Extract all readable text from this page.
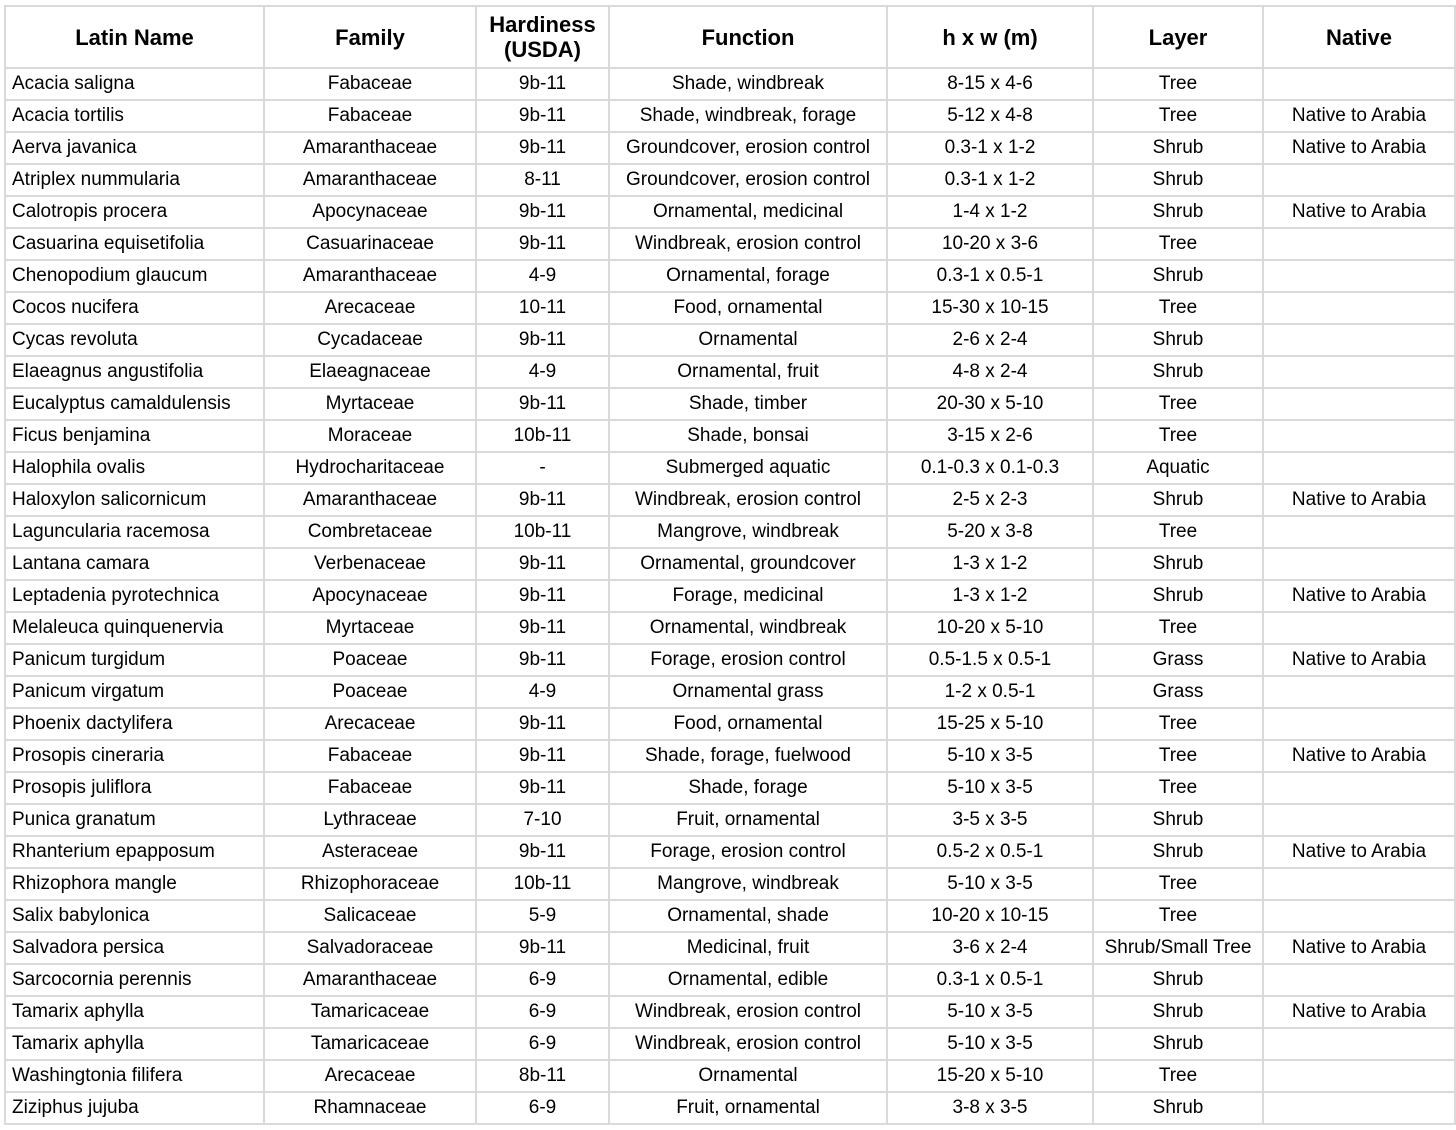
Latin Name	Family	Hardiness (USDA)	Function	h x w (m)	Layer	Native
Acacia saligna	Fabaceae	9b-11	Shade, windbreak	8-15 x 4-6	Tree	
Acacia tortilis	Fabaceae	9b-11	Shade, windbreak, forage	5-12 x 4-8	Tree	Native to Arabia
Aerva javanica	Amaranthaceae	9b-11	Groundcover, erosion control	0.3-1 x 1-2	Shrub	Native to Arabia
Atriplex nummularia	Amaranthaceae	8-11	Groundcover, erosion control	0.3-1 x 1-2	Shrub	
Calotropis procera	Apocynaceae	9b-11	Ornamental, medicinal	1-4 x 1-2	Shrub	Native to Arabia
Casuarina equisetifolia	Casuarinaceae	9b-11	Windbreak, erosion control	10-20 x 3-6	Tree	
Chenopodium glaucum	Amaranthaceae	4-9	Ornamental, forage	0.3-1 x 0.5-1	Shrub	
Cocos nucifera	Arecaceae	10-11	Food, ornamental	15-30 x 10-15	Tree	
Cycas revoluta	Cycadaceae	9b-11	Ornamental	2-6 x 2-4	Shrub	
Elaeagnus angustifolia	Elaeagnaceae	4-9	Ornamental, fruit	4-8 x 2-4	Shrub	
Eucalyptus camaldulensis	Myrtaceae	9b-11	Shade, timber	20-30 x 5-10	Tree	
Ficus benjamina	Moraceae	10b-11	Shade, bonsai	3-15 x 2-6	Tree	
Halophila ovalis	Hydrocharitaceae	-	Submerged aquatic	0.1-0.3 x 0.1-0.3	Aquatic	
Haloxylon salicornicum	Amaranthaceae	9b-11	Windbreak, erosion control	2-5 x 2-3	Shrub	Native to Arabia
Laguncularia racemosa	Combretaceae	10b-11	Mangrove, windbreak	5-20 x 3-8	Tree	
Lantana camara	Verbenaceae	9b-11	Ornamental, groundcover	1-3 x 1-2	Shrub	
Leptadenia pyrotechnica	Apocynaceae	9b-11	Forage, medicinal	1-3 x 1-2	Shrub	Native to Arabia
Melaleuca quinquenervia	Myrtaceae	9b-11	Ornamental, windbreak	10-20 x 5-10	Tree	
Panicum turgidum	Poaceae	9b-11	Forage, erosion control	0.5-1.5 x 0.5-1	Grass	Native to Arabia
Panicum virgatum	Poaceae	4-9	Ornamental grass	1-2 x 0.5-1	Grass	
Phoenix dactylifera	Arecaceae	9b-11	Food, ornamental	15-25 x 5-10	Tree	
Prosopis cineraria	Fabaceae	9b-11	Shade, forage, fuelwood	5-10 x 3-5	Tree	Native to Arabia
Prosopis juliflora	Fabaceae	9b-11	Shade, forage	5-10 x 3-5	Tree	
Punica granatum	Lythraceae	7-10	Fruit, ornamental	3-5 x 3-5	Shrub	
Rhanterium epapposum	Asteraceae	9b-11	Forage, erosion control	0.5-2 x 0.5-1	Shrub	Native to Arabia
Rhizophora mangle	Rhizophoraceae	10b-11	Mangrove, windbreak	5-10 x 3-5	Tree	
Salix babylonica	Salicaceae	5-9	Ornamental, shade	10-20 x 10-15	Tree	
Salvadora persica	Salvadoraceae	9b-11	Medicinal, fruit	3-6 x 2-4	Shrub/Small Tree	Native to Arabia
Sarcocornia perennis	Amaranthaceae	6-9	Ornamental, edible	0.3-1 x 0.5-1	Shrub	
Tamarix aphylla	Tamaricaceae	6-9	Windbreak, erosion control	5-10 x 3-5	Shrub	Native to Arabia
Tamarix aphylla	Tamaricaceae	6-9	Windbreak, erosion control	5-10 x 3-5	Shrub	
Washingtonia filifera	Arecaceae	8b-11	Ornamental	15-20 x 5-10	Tree	
Ziziphus jujuba	Rhamnaceae	6-9	Fruit, ornamental	3-8 x 3-5	Shrub	
